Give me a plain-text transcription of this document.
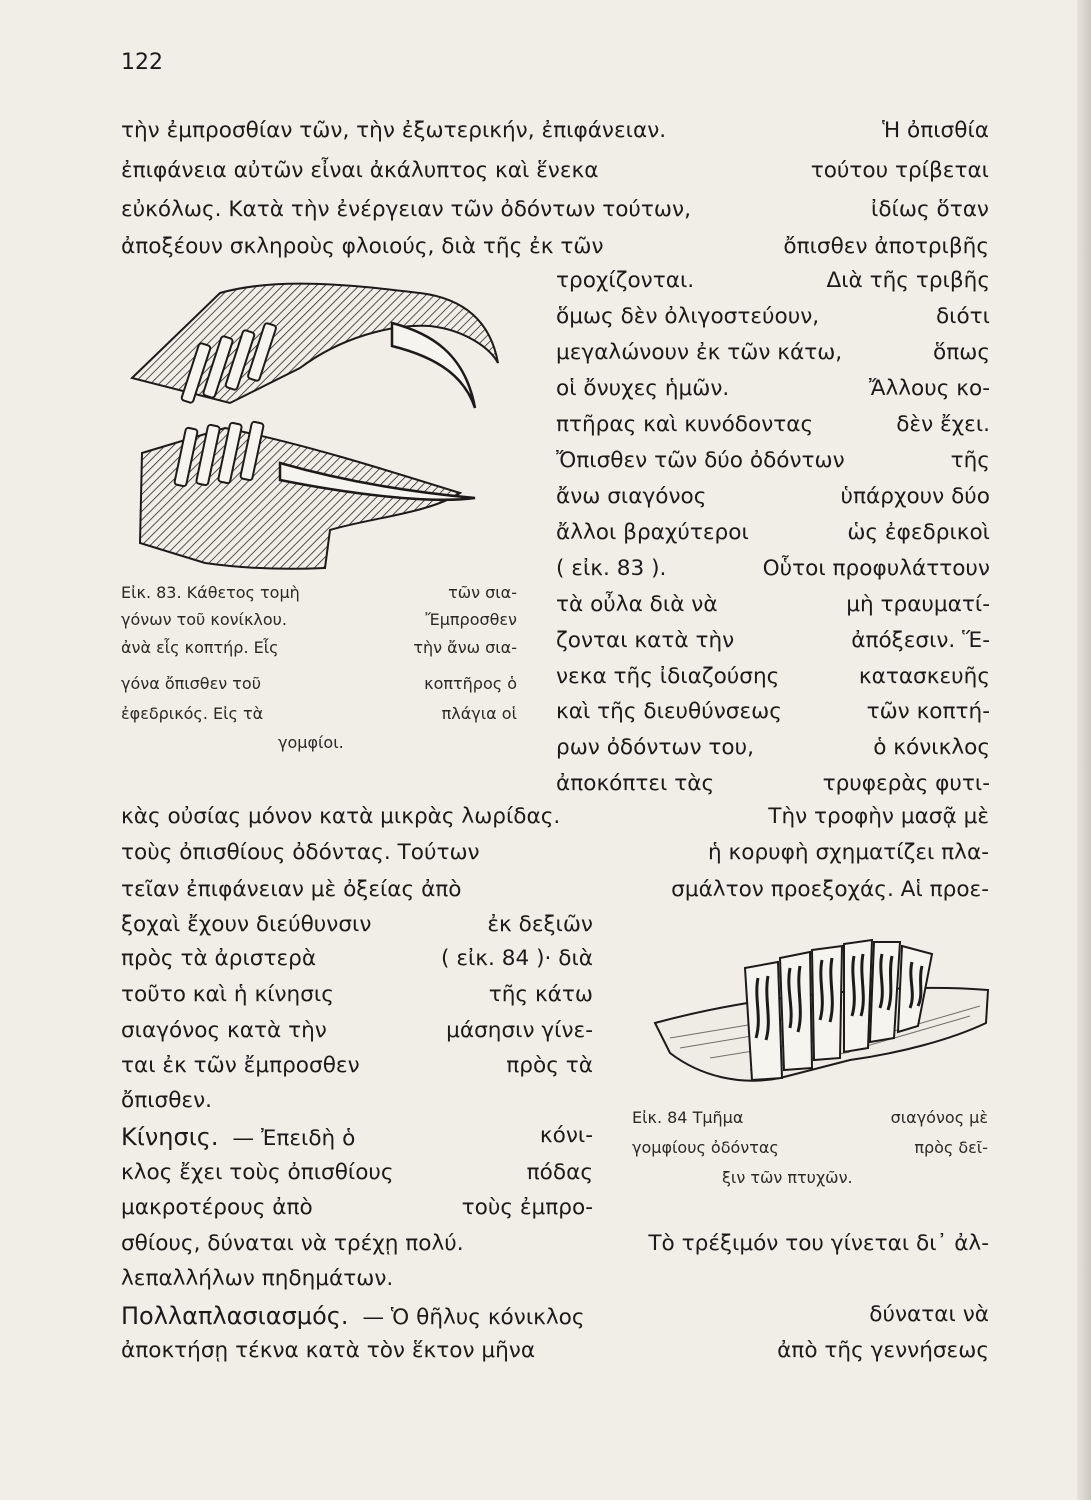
122
τὴν ἐμπροσθίαν τῶν, τὴν ἐξωτερικήν, ἐπιφάνειαν.	Ἡ ὀπισθία
ἐπιφάνεια αὐτῶν εἶναι ἀκάλυπτος καὶ ἕνεκα	τούτου τρίβεται
εὐκόλως. Κατὰ τὴν ἐνέργειαν τῶν ὀδόντων τούτων,	ἰδίως ὅταν
ἀποξέουν σκληροὺς φλοιούς, διὰ τῆς ἐκ τῶν	ὄπισθεν ἀποτριβῆς
τροχίζονται.	Διὰ τῆς τριβῆς
ὅμως δὲν ὀλιγοστεύουν,	διότι
μεγαλώνουν ἐκ τῶν κάτω,	ὅπως
οἱ ὄνυχες ἡμῶν.	Ἄλλους κο-
πτῆρας καὶ κυνόδοντας	δὲν ἔχει.
Ὄπισθεν τῶν δύο ὀδόντων	τῆς
ἄνω σιαγόνος	ὑπάρχουν δύο
ἄλλοι βραχύτεροι	ὡς ἐφεδρικοὶ
( εἰκ. 83 ).	Οὗτοι προφυλάττουν
τὰ οὖλα διὰ νὰ	μὴ τραυματί-
ζονται κατὰ τὴν	ἀπόξεσιν. Ἕ-
νεκα τῆς ἰδιαζούσης	κατασκευῆς
καὶ τῆς διευθύνσεως	τῶν κοπτή-
ρων ὀδόντων του,	ὁ κόνικλος
ἀποκόπτει τὰς	τρυφερὰς φυτι-
Εἰκ. 83. Κάθετος τομὴ	τῶν σια-
γόνων τοῦ κονίκλου.	Ἔμπροσθεν
ἀνὰ εἷς κοπτήρ. Εἷς	τὴν ἄνω σια-
γόνα ὄπισθεν τοῦ	κοπτῆρος ὁ
ἐφεδρικός. Εἰς τὰ	πλάγια οἱ
γομφίοι.
κὰς οὐσίας μόνον κατὰ μικρὰς λωρίδας.	Τὴν τροφὴν μασᾷ μὲ
τοὺς ὀπισθίους ὀδόντας. Τούτων	ἡ κορυφὴ σχηματίζει πλα-
τεῖαν ἐπιφάνειαν μὲ ὀξείας ἀπὸ	σμάλτον προεξοχάς. Αἱ προε-
ξοχαὶ ἔχουν διεύθυνσιν	ἐκ δεξιῶν
πρὸς τὰ ἀριστερὰ	( εἰκ. 84 )· διὰ
τοῦτο καὶ ἡ κίνησις	τῆς κάτω
σιαγόνος κατὰ τὴν	μάσησιν γίνε-
ται ἐκ τῶν ἔμπροσθεν	πρὸς τὰ
ὄπισθεν.
Κίνησις. — Ἐπειδὴ ὁ	κόνι-
κλος ἔχει τοὺς ὀπισθίους	πόδας
μακροτέρους ἀπὸ	τοὺς ἐμπρο-
Εἰκ. 84 Τμῆμα	σιαγόνος μὲ
γομφίους ὀδόντας	πρὸς δεῖ-
ξιν τῶν πτυχῶν.
σθίους, δύναται νὰ τρέχῃ πολύ.	Τὸ τρέξιμόν του γίνεται δι᾽ ἀλ-
λεπαλλήλων πηδημάτων.
Πολλαπλασιασμός. — Ὁ θῆλυς κόνικλος	δύναται νὰ
ἀποκτήσῃ τέκνα κατὰ τὸν ἕκτον μῆνα	ἀπὸ τῆς γεννήσεως
